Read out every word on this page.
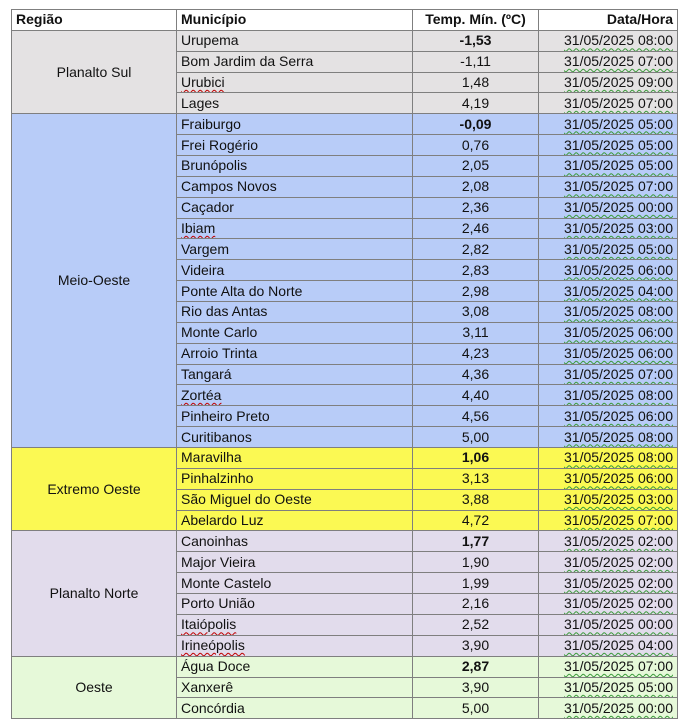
Região	Município	Temp. Mín. (ºC)	Data/Hora
Planalto Sul	Urupema	-1,53	31/05/2025 08:00
	Bom Jardim da Serra	-1,11	31/05/2025 07:00
	Urubici	1,48	31/05/2025 09:00
	Lages	4,19	31/05/2025 07:00
Meio-Oeste	Fraiburgo	-0,09	31/05/2025 05:00
	Frei Rogério	0,76	31/05/2025 05:00
	Brunópolis	2,05	31/05/2025 05:00
	Campos Novos	2,08	31/05/2025 07:00
	Caçador	2,36	31/05/2025 00:00
	Ibiam	2,46	31/05/2025 03:00
	Vargem	2,82	31/05/2025 05:00
	Videira	2,83	31/05/2025 06:00
	Ponte Alta do Norte	2,98	31/05/2025 04:00
	Rio das Antas	3,08	31/05/2025 08:00
	Monte Carlo	3,11	31/05/2025 06:00
	Arroio Trinta	4,23	31/05/2025 06:00
	Tangará	4,36	31/05/2025 07:00
	Zortéa	4,40	31/05/2025 08:00
	Pinheiro Preto	4,56	31/05/2025 06:00
	Curitibanos	5,00	31/05/2025 08:00
Extremo Oeste	Maravilha	1,06	31/05/2025 08:00
	Pinhalzinho	3,13	31/05/2025 06:00
	São Miguel do Oeste	3,88	31/05/2025 03:00
	Abelardo Luz	4,72	31/05/2025 07:00
Planalto Norte	Canoinhas	1,77	31/05/2025 02:00
	Major Vieira	1,90	31/05/2025 02:00
	Monte Castelo	1,99	31/05/2025 02:00
	Porto União	2,16	31/05/2025 02:00
	Itaiópolis	2,52	31/05/2025 00:00
	Irineópolis	3,90	31/05/2025 04:00
Oeste	Água Doce	2,87	31/05/2025 07:00
	Xanxerê	3,90	31/05/2025 05:00
	Concórdia	5,00	31/05/2025 00:00
